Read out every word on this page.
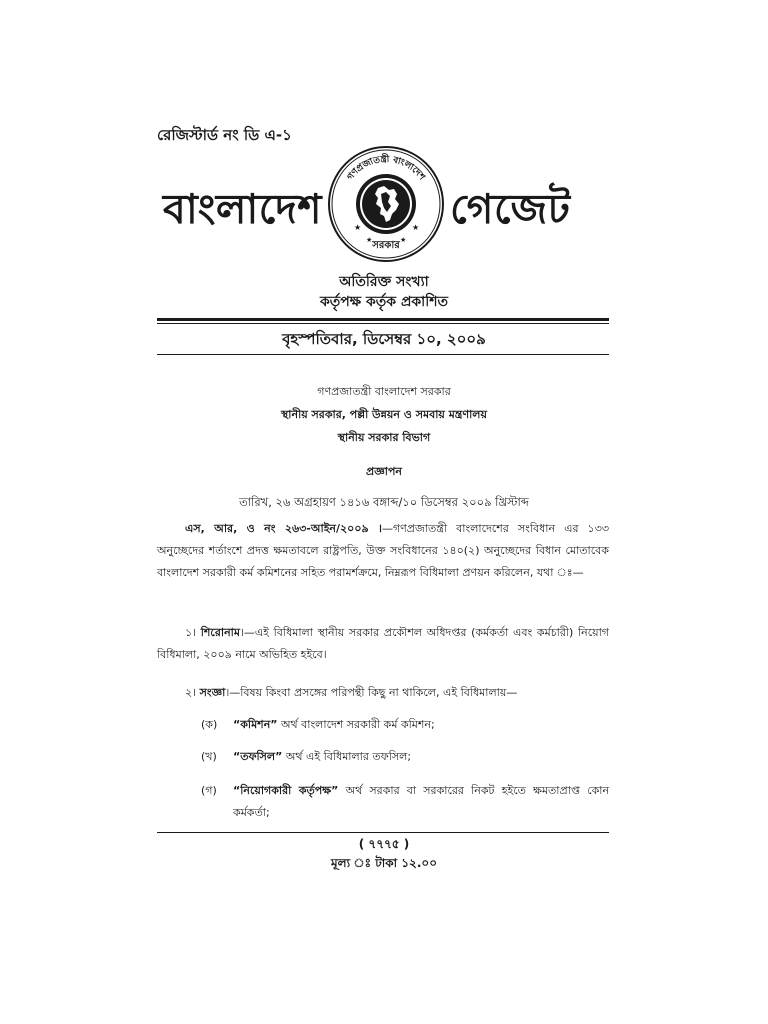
রেজিস্টার্ড নং ডি এ-১
বাংলাদেশ
গণপ্রজাতন্ত্রী বাংলাদেশ
সরকার
★	★
★	★
গেজেট
অতিরিক্ত সংখ্যা
কর্তৃপক্ষ কর্তৃক প্রকাশিত
বৃহস্পতিবার, ডিসেম্বর ১০, ২০০৯
গণপ্রজাতন্ত্রী বাংলাদেশ সরকার
স্থানীয় সরকার, পল্লী উন্নয়ন ও সমবায় মন্ত্রণালয়
স্থানীয় সরকার বিভাগ
প্রজ্ঞাপন
তারিখ, ২৬ অগ্রহায়ণ ১৪১৬ বঙ্গাব্দ/১০ ডিসেম্বর ২০০৯ খ্রিস্টাব্দ
এস, আর, ও নং ২৬৩-আইন/২০০৯ ।—গণপ্রজাতন্ত্রী বাংলাদেশের সংবিধান এর ১৩৩ অনুচ্ছেদের শর্তাংশে প্রদত্ত ক্ষমতাবলে রাষ্ট্রপতি, উক্ত সংবিধানের ১৪০(২) অনুচ্ছেদের বিধান মোতাবেক বাংলাদেশ সরকারী কর্ম কমিশনের সহিত পরামর্শক্রমে, নিম্নরূপ বিধিমালা প্রণয়ন করিলেন, যথা ঃ—
১। শিরোনাম।—এই বিধিমালা স্থানীয় সরকার প্রকৌশল অধিদপ্তর (কর্মকর্তা এবং কর্মচারী) নিয়োগ বিধিমালা, ২০০৯ নামে অভিহিত হইবে।
২। সংজ্ঞা।—বিষয় কিংবা প্রসঙ্গের পরিপন্থী কিছু না থাকিলে, এই বিধিমালায়—
(ক) “কমিশন” অর্থ বাংলাদেশ সরকারী কর্ম কমিশন;
(খ) “তফসিল” অর্থ এই বিধিমালার তফসিল;
(গ) “নিয়োগকারী কর্তৃপক্ষ” অর্থ সরকার বা সরকারের নিকট হইতে ক্ষমতাপ্রাপ্ত কোন কর্মকর্তা;
( ৭৭৭৫ )
মূল্য ঃ টাকা ১২.০০
